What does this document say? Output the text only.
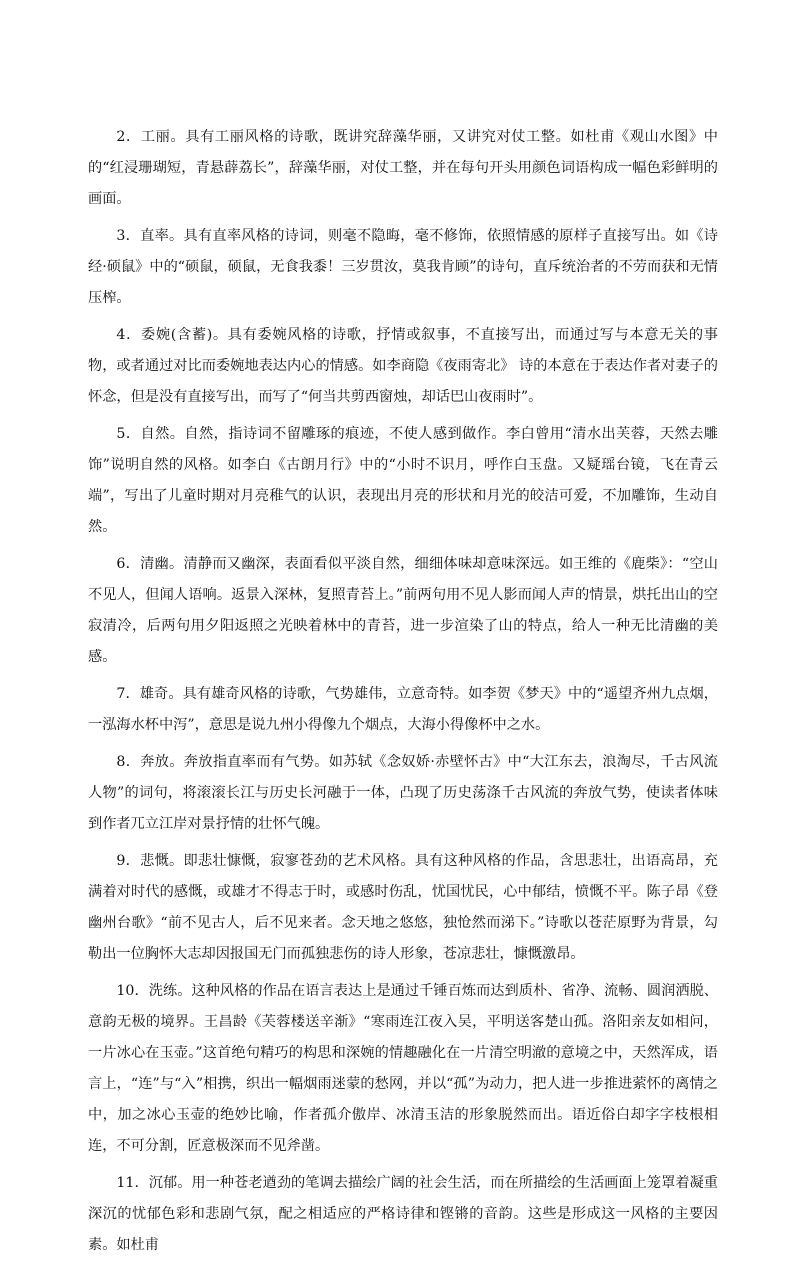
2．工丽。具有工丽风格的诗歌，既讲究辞藻华丽，又讲究对仗工整。如杜甫《观山水图》中的“红浸珊瑚短，青悬薜荔长”，辞藻华丽，对仗工整，并在每句开头用颜色词语构成一幅色彩鲜明的画面。

3．直率。具有直率风格的诗词，则毫不隐晦，毫不修饰，依照情感的原样子直接写出。如《诗经·硕鼠》中的“硕鼠，硕鼠，无食我黍！三岁贯汝，莫我肯顾”的诗句，直斥统治者的不劳而获和无情压榨。

4．委婉(含蓄)。具有委婉风格的诗歌，抒情或叙事，不直接写出，而通过写与本意无关的事物，或者通过对比而委婉地表达内心的情感。如李商隐《夜雨寄北》 诗的本意在于表达作者对妻子的怀念，但是没有直接写出，而写了“何当共剪西窗烛，却话巴山夜雨时”。

5．自然。自然，指诗词不留雕琢的痕迹，不使人感到做作。李白曾用“清水出芙蓉，天然去雕饰”说明自然的风格。如李白《古朗月行》中的“小时不识月，呼作白玉盘。又疑瑶台镜，飞在青云端”，写出了儿童时期对月亮稚气的认识，表现出月亮的形状和月光的皎洁可爱，不加雕饰，生动自然。

6．清幽。清静而又幽深，表面看似平淡自然，细细体味却意味深远。如王维的《鹿柴》：“空山不见人，但闻人语响。返景入深林，复照青苔上。”前两句用不见人影而闻人声的情景，烘托出山的空寂清冷，后两句用夕阳返照之光映着林中的青苔，进一步渲染了山的特点，给人一种无比清幽的美感。

7．雄奇。具有雄奇风格的诗歌，气势雄伟，立意奇特。如李贺《梦天》中的“遥望齐州九点烟，一泓海水杯中泻”，意思是说九州小得像九个烟点，大海小得像杯中之水。

8．奔放。奔放指直率而有气势。如苏轼《念奴娇·赤壁怀古》中“大江东去，浪淘尽，千古风流人物”的词句，将滚滚长江与历史长河融于一体，凸现了历史荡涤千古风流的奔放气势，使读者体味到作者兀立江岸对景抒情的壮怀气魄。

9．悲慨。即悲壮慷慨，寂寥苍劲的艺术风格。具有这种风格的作品，含思悲壮，出语高昂，充满着对时代的感慨，或雄才不得志于时，或感时伤乱，忧国忧民，心中郁结，愤慨不平。陈子昂《登幽州台歌》“前不见古人，后不见来者。念天地之悠悠，独怆然而涕下。”诗歌以苍茫原野为背景，勾勒出一位胸怀大志却因报国无门而孤独悲伤的诗人形象，苍凉悲壮，慷慨激昂。

10．洗练。这种风格的作品在语言表达上是通过千锤百炼而达到质朴、省净、流畅、圆润洒脱、意韵无极的境界。王昌龄《芙蓉楼送辛渐》“寒雨连江夜入吴，平明送客楚山孤。洛阳亲友如相问，一片冰心在玉壶。”这首绝句精巧的构思和深婉的情趣融化在一片清空明澈的意境之中，天然浑成，语言上，“连”与“入”相携，织出一幅烟雨迷蒙的愁网，并以“孤”为动力，把人进一步推进萦怀的离情之中，加之冰心玉壶的绝妙比喻，作者孤介傲岸、冰清玉洁的形象脱然而出。语近俗白却字字枝根相连，不可分割，匠意极深而不见斧凿。

11．沉郁。用一种苍老遒劲的笔调去描绘广阔的社会生活，而在所描绘的生活画面上笼罩着凝重深沉的忧郁色彩和悲剧气氛，配之相适应的严格诗律和铿锵的音韵。这些是形成这一风格的主要因素。如杜甫
